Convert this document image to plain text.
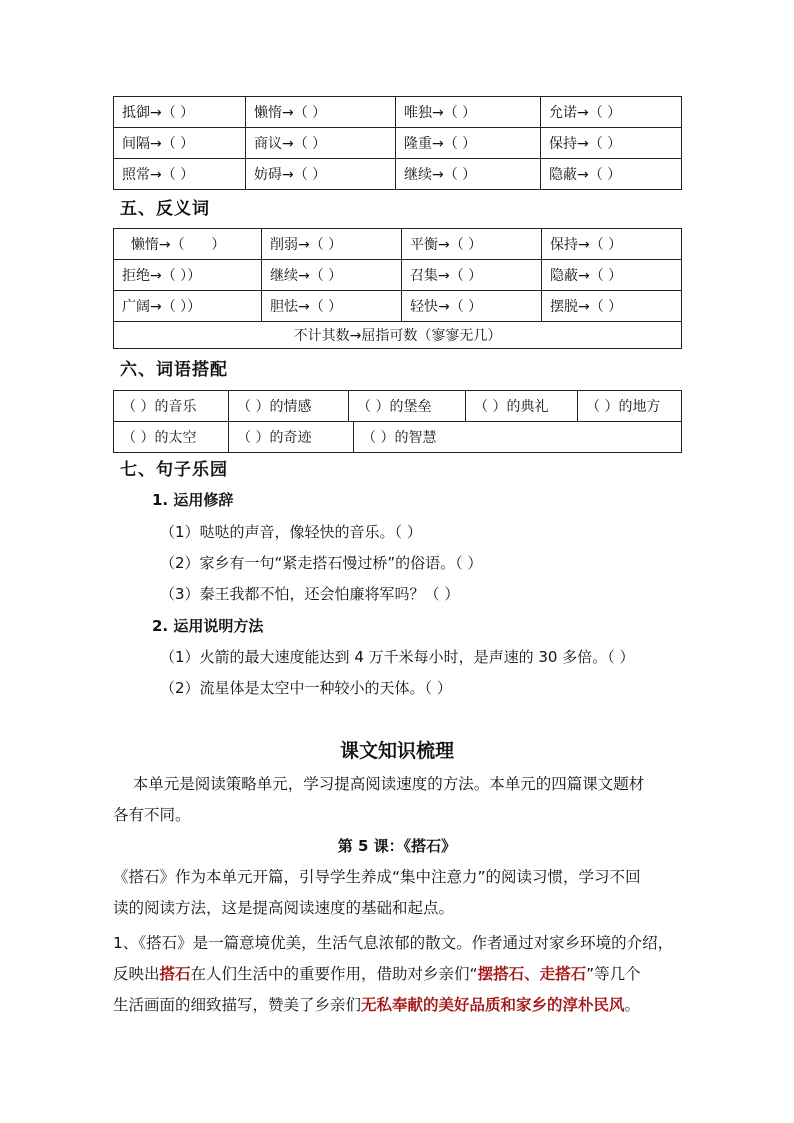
抵御→（ ）	懒惰→（ ）	唯独→（ ）	允诺→（ ）
间隔→（ ）	商议→（ ）	隆重→（ ）	保持→（ ）
照常→（ ）	妨碍→（ ）	继续→（ ）	隐蔽→（ ）
五、反义词
懒惰→（      ）	削弱→（ ）	平衡→（ ）	保持→（ ）
拒绝→（ ））	继续→（ ）	召集→（ ）	隐蔽→（ ）
广阔→（ ））	胆怯→（ ）	轻快→（ ）	摆脱→（ ）
不计其数→屈指可数（寥寥无几）			
六、词语搭配
（ ）的音乐	（ ）的情感	（ ）的堡垒		（ ）的典礼	（ ）的地方
（ ）的太空	（ ）的奇迹		（ ）的智慧		
七、句子乐园
1. 运用修辞
（1）哒哒的声音，像轻快的音乐。（ ）
（2）家乡有一句“紧走搭石慢过桥”的俗语。（ ）
（3）秦王我都不怕，还会怕廉将军吗？（ ）
2. 运用说明方法
（1）火箭的最大速度能达到 4 万千米每小时，是声速的 30 多倍。（ ）
（2）流星体是太空中一种较小的天体。（ ）
课文知识梳理
本单元是阅读策略单元，学习提高阅读速度的方法。本单元的四篇课文题材
各有不同。
第 5 课：《搭石》
《搭石》作为本单元开篇，引导学生养成“集中注意力”的阅读习惯，学习不回
读的阅读方法，这是提高阅读速度的基础和起点。
1、《搭石》是一篇意境优美，生活气息浓郁的散文。作者通过对家乡环境的介绍，
反映出搭石在人们生活中的重要作用，借助对乡亲们“摆搭石、走搭石”等几个
生活画面的细致描写，赞美了乡亲们无私奉献的美好品质和家乡的淳朴民风。
